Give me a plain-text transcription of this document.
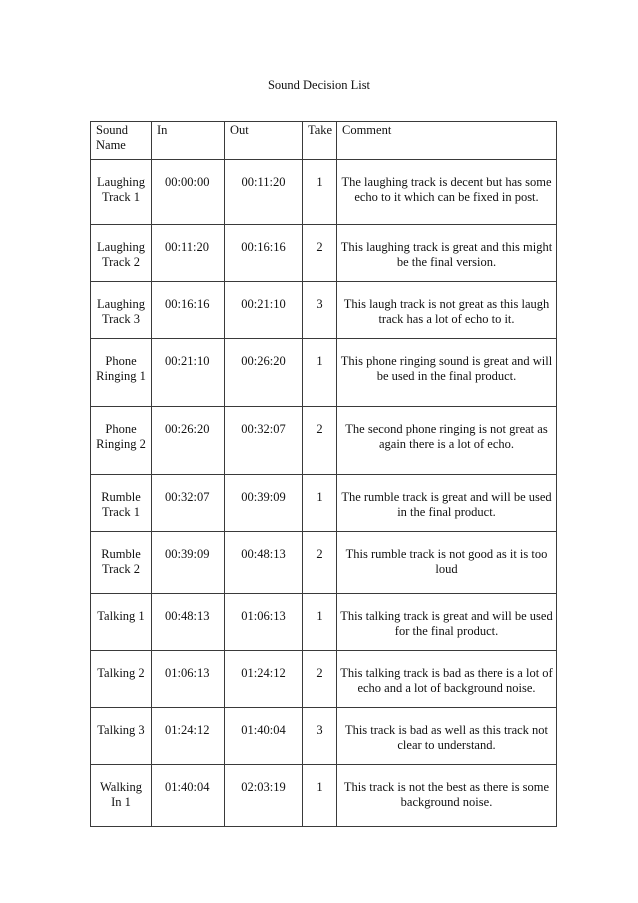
Sound Decision List
Sound Name	In	Out	Take	Comment
Laughing Track 1	00:00:00	00:11:20	1	The laughing track is decent but has some echo to it which can be fixed in post.
Laughing Track 2	00:11:20	00:16:16	2	This laughing track is great and this might be the final version.
Laughing Track 3	00:16:16	00:21:10	3	This laugh track is not great as this laugh track has a lot of echo to it.
Phone Ringing 1	00:21:10	00:26:20	1	This phone ringing sound is great and will be used in the final product.
Phone Ringing 2	00:26:20	00:32:07	2	The second phone ringing is not great as again there is a lot of echo.
Rumble Track 1	00:32:07	00:39:09	1	The rumble track is great and will be used in the final product.
Rumble Track 2	00:39:09	00:48:13	2	This rumble track is not good as it is too loud
Talking 1	00:48:13	01:06:13	1	This talking track is great and will be used for the final product.
Talking 2	01:06:13	01:24:12	2	This talking track is bad as there is a lot of echo and a lot of background noise.
Talking 3	01:24:12	01:40:04	3	This track is bad as well as this track not clear to understand.
Walking In 1	01:40:04	02:03:19	1	This track is not the best as there is some background noise.
